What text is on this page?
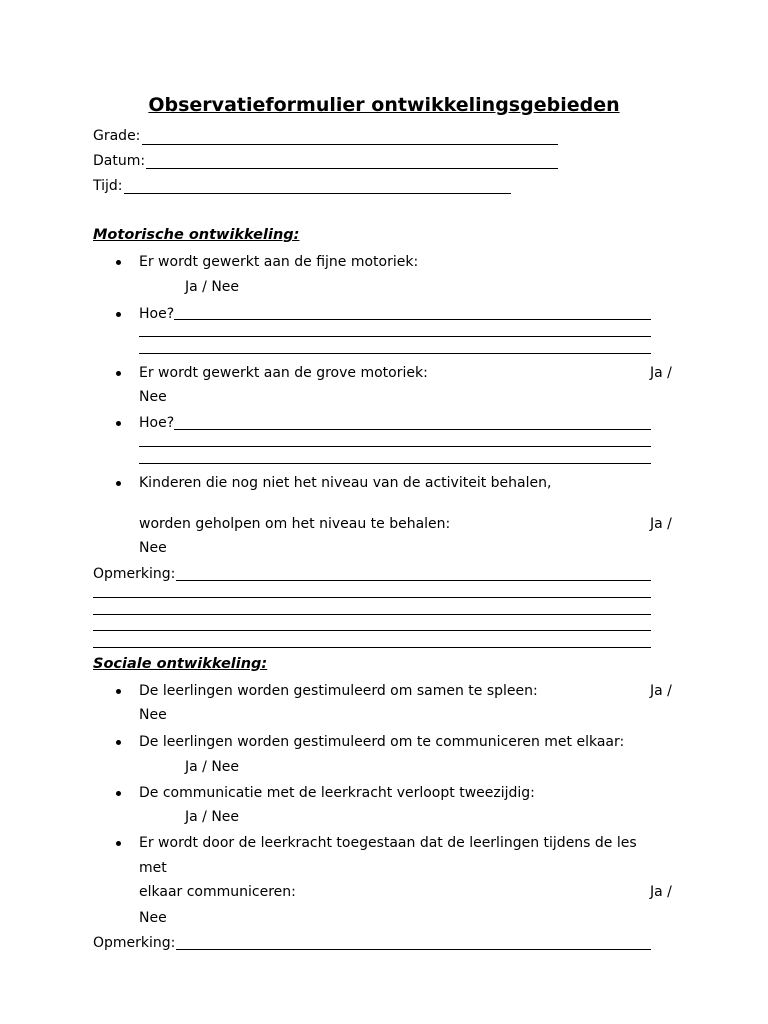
Observatieformulier ontwikkelingsgebieden
Grade:
Datum:
Tijd:
Motorische ontwikkeling:
Er wordt gewerkt aan de fijne motoriek:
Ja / Nee
Hoe?
Er wordt gewerkt aan de grove motoriek:	Ja /
Nee
Hoe?
Kinderen die nog niet het niveau van de activiteit behalen,
worden geholpen om het niveau te behalen:	Ja /
Nee
Opmerking:
Sociale ontwikkeling:
De leerlingen worden gestimuleerd om samen te spleen:	Ja /
Nee
De leerlingen worden gestimuleerd om te communiceren met elkaar:
Ja / Nee
De communicatie met de leerkracht verloopt tweezijdig:
Ja / Nee
Er wordt door de leerkracht toegestaan dat de leerlingen tijdens de les
met
elkaar communiceren:	Ja /
Nee
Opmerking:
